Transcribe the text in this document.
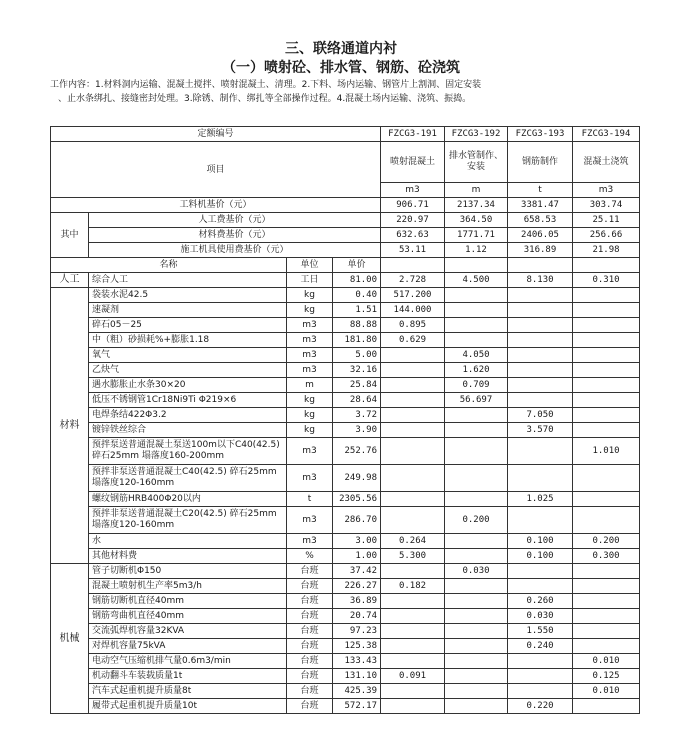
三、联络通道内衬
（一）喷射砼、排水管、钢筋、砼浇筑
工作内容：1.材料洞内运输、混凝土搅拌、喷射混凝土、清理。2.下料、场内运输、钢管片上割洞、固定安装
、止水条绑扎、接缝密封处理。3.除锈、制作、绑扎等全部操作过程。4.混凝土场内运输、浇筑、振捣。
定额编号				FZCG3-191	FZCG3-192	FZCG3-193	FZCG3-194
项目				喷射混凝土	排水管制作、安装	钢筋制作	混凝土浇筑
				m3	m	t	m3
工料机基价（元）				906.71	2137.34	3381.47	303.74
其中	人工费基价（元）			220.97	364.50	658.53	25.11
	材料费基价（元）			632.63	1771.71	2406.05	256.66
	施工机具使用费基价（元）			53.11	1.12	316.89	21.98
名称		单位	单价				
人工	综合人工	工日	81.00	2.728	4.500	8.130	0.310
材料	袋装水泥42.5	kg	0.40	517.200			
	速凝剂	kg	1.51	144.000			
	碎石05－25	m3	88.88	0.895			
	中（粗）砂损耗%+膨胀1.18	m3	181.80	0.629			
	氧气	m3	5.00		4.050		
	乙炔气	m3	32.16		1.620		
	遇水膨胀止水条30×20	m	25.84		0.709		
	低压不锈钢管1Cr18Ni9Ti Φ219×6	kg	28.64		56.697		
	电焊条结422Φ3.2	kg	3.72			7.050	
	镀锌铁丝综合	kg	3.90			3.570	
	预拌泵送普通混凝土泵送100m以下C40(42.5) 碎石25mm 塌落度160-200mm	m3	252.76				1.010
	预拌非泵送普通混凝土C40(42.5) 碎石25mm 塌落度120-160mm	m3	249.98				
	螺纹钢筋HRB400Φ20以内	t	2305.56			1.025	
	预拌非泵送普通混凝土C20(42.5) 碎石25mm 塌落度120-160mm	m3	286.70		0.200		
	水	m3	3.00	0.264		0.100	0.200
	其他材料费	%	1.00	5.300		0.100	0.300
机械	管子切断机Φ150	台班	37.42		0.030		
	混凝土喷射机生产率5m3/h	台班	226.27	0.182			
	钢筋切断机直径40mm	台班	36.89			0.260	
	钢筋弯曲机直径40mm	台班	20.74			0.030	
	交流弧焊机容量32KVA	台班	97.23			1.550	
	对焊机容量75kVA	台班	125.38			0.240	
	电动空气压缩机排气量0.6m3/min	台班	133.43				0.010
	机动翻斗车装载质量1t	台班	131.10	0.091			0.125
	汽车式起重机提升质量8t	台班	425.39				0.010
	履带式起重机提升质量10t	台班	572.17			0.220	
